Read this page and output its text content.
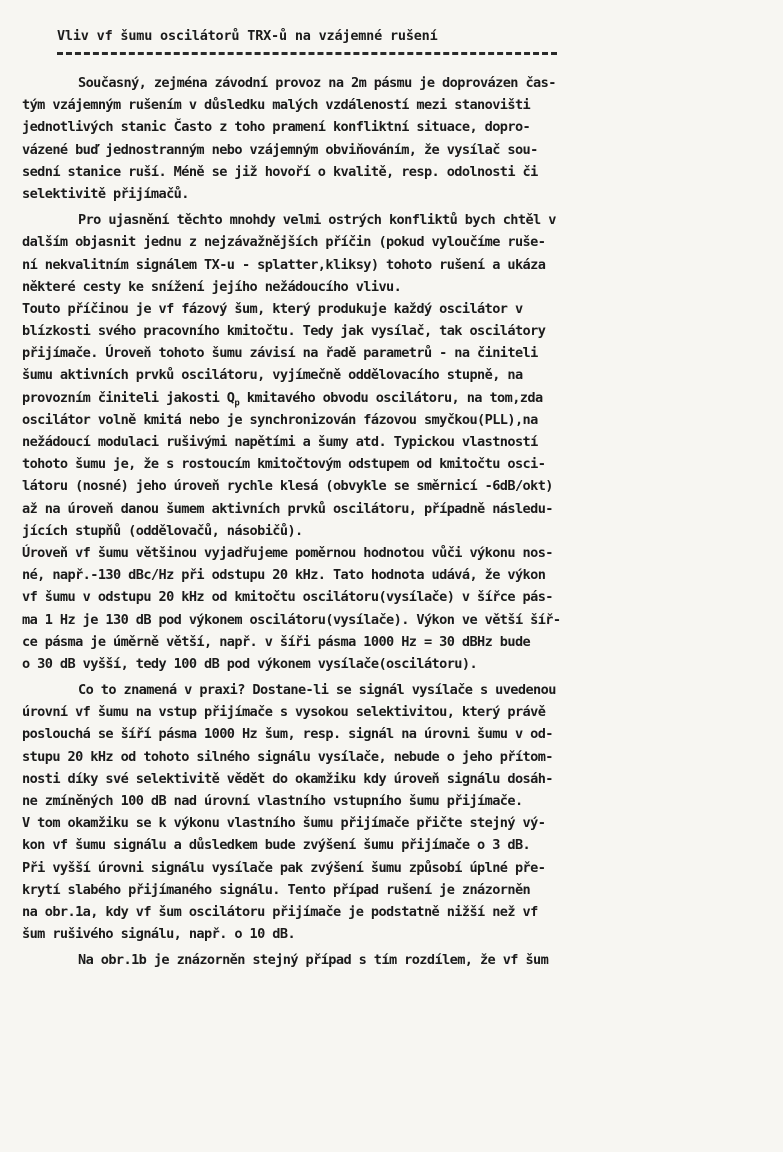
Vliv vf šumu oscilátorů TRX-ů na vzájemné rušení
Současný, zejména závodní provoz na 2m pásmu je doprovázen čas-
tým vzájemným rušením v důsledku malých vzdáleností mezi stanovišti
jednotlivých stanic Často z toho pramení konfliktní situace, dopro-
vázené buď jednostranným nebo vzájemným obviňováním, že vysílač sou-
sední stanice ruší. Méně se již hovoří o kvalitě, resp. odolnosti či
selektivitě přijímačů.
Pro ujasnění těchto mnohdy velmi ostrých konfliktů bych chtěl v
dalším objasnit jednu z nejzávažnějších příčin (pokud vyloučíme ruše-
ní nekvalitním signálem TX-u - splatter,kliksy) tohoto rušení a ukáza
některé cesty ke snížení jejího nežádoucího vlivu.
Touto příčinou je vf fázový šum, který produkuje každý oscilátor v
blízkosti svého pracovního kmitočtu. Tedy jak vysílač, tak oscilátory
přijímače. Úroveň tohoto šumu závisí na řadě parametrů - na činiteli
šumu aktivních prvků oscilátoru, vyjímečně oddělovacího stupně, na
provozním činiteli jakosti $Q_p$ kmitavého obvodu oscilátoru, na tom,zda
oscilátor volně kmitá nebo je synchronizován fázovou smyčkou(PLL),na
nežádoucí modulaci rušivými napětími a šumy atd. Typickou vlastností
tohoto šumu je, že s rostoucím kmitočtovým odstupem od kmitočtu osci-
látoru (nosné) jeho úroveň rychle klesá (obvykle se směrnicí -6dB/okt)
až na úroveň danou šumem aktivních prvků oscilátoru, případně následu-
jících stupňů (oddělovačů, násobičů).
Úroveň vf šumu většinou vyjadřujeme poměrnou hodnotou vůči výkonu nos-
né, např.-130 dBc/Hz při odstupu 20 kHz. Tato hodnota udává, že výkon
vf šumu v odstupu 20 kHz od kmitočtu oscilátoru(vysílače) v šířce pás-
ma 1 Hz je 130 dB pod výkonem oscilátoru(vysílače). Výkon ve větší šíř-
ce pásma je úměrně větší, např. v šíři pásma 1000 Hz = 30 dBHz bude
o 30 dB vyšší, tedy 100 dB pod výkonem vysílače(oscilátoru).
Co to znamená v praxi? Dostane-li se signál vysílače s uvedenou
úrovní vf šumu na vstup přijímače s vysokou selektivitou, který právě
poslouchá se šíří pásma 1000 Hz šum, resp. signál na úrovni šumu v od-
stupu 20 kHz od tohoto silného signálu vysílače, nebude o jeho přítom-
nosti díky své selektivitě vědět do okamžiku kdy úroveň signálu dosáh-
ne zmíněných 100 dB nad úrovní vlastního vstupního šumu přijímače.
V tom okamžiku se k výkonu vlastního šumu přijímače přičte stejný vý-
kon vf šumu signálu a důsledkem bude zvýšení šumu přijímače o 3 dB.
Při vyšší úrovni signálu vysílače pak zvýšení šumu způsobí úplné pře-
krytí slabého přijímaného signálu. Tento případ rušení je znázorněn
na obr.1a, kdy vf šum oscilátoru přijímače je podstatně nižší než vf
šum rušivého signálu, např. o 10 dB.
Na obr.1b je znázorněn stejný případ s tím rozdílem, že vf šum
